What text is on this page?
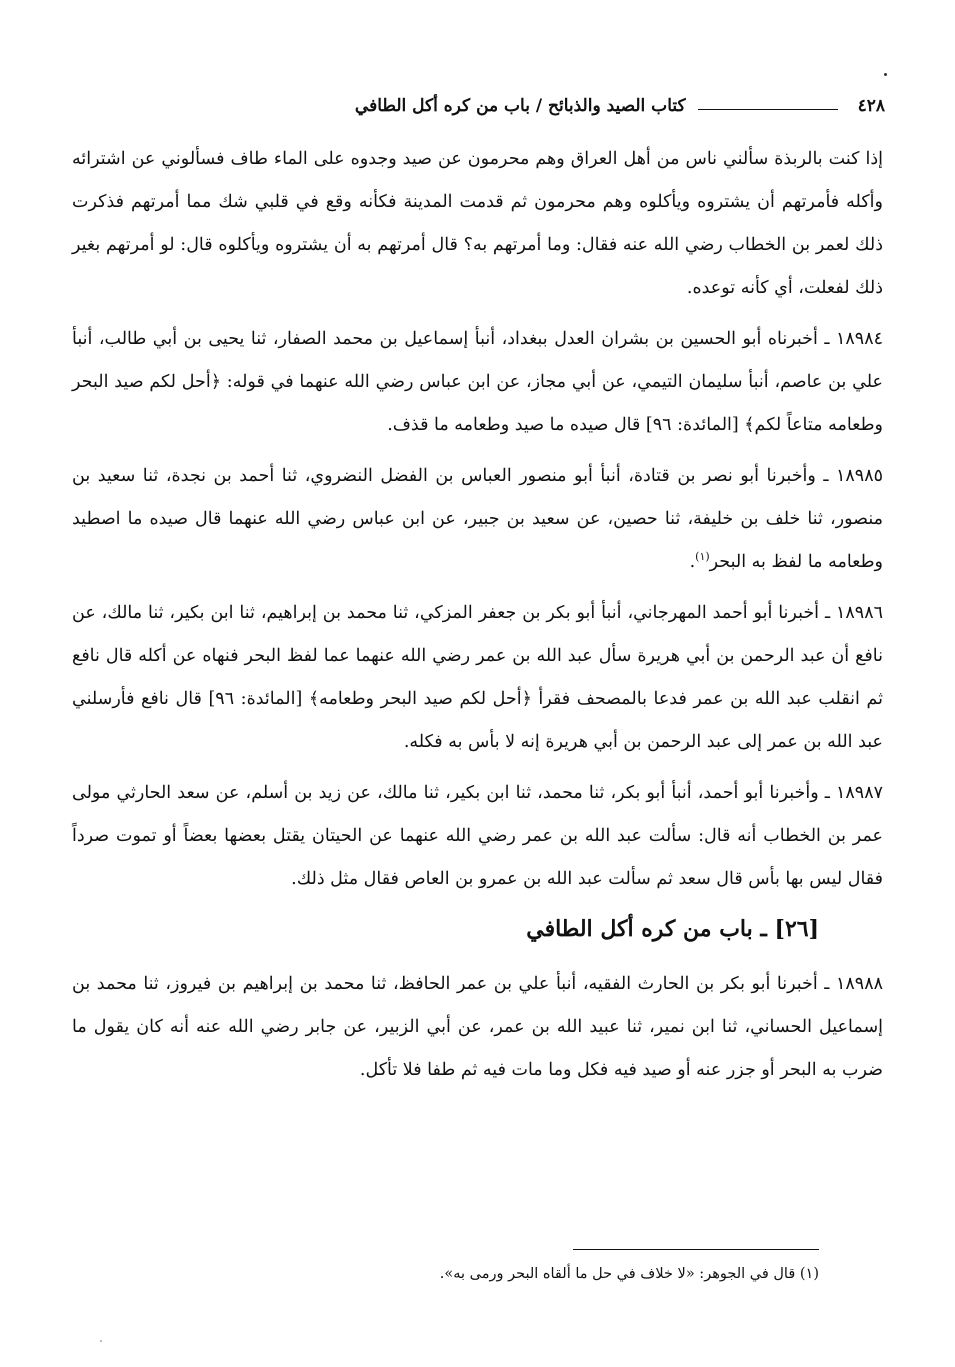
٤٢٨
كتاب الصيد والذبائح / باب من كره أكل الطافي

إذا كنت بالربذة سألني ناس من أهل العراق وهم محرمون عن صيد وجدوه على الماء طاف فسألوني عن اشترائه وأكله فأمرتهم أن يشتروه ويأكلوه وهم محرمون ثم قدمت المدينة فكأنه وقع في قلبي شك مما أمرتهم فذكرت ذلك لعمر بن الخطاب رضي الله عنه فقال: وما أمرتهم به؟ قال أمرتهم به أن يشتروه ويأكلوه قال: لو أمرتهم بغير ذلك لفعلت، أي كأنه توعده.

١٨٩٨٤ ـ أخبرناه أبو الحسين بن بشران العدل ببغداد، أنبأ إسماعيل بن محمد الصفار، ثنا يحيى بن أبي طالب، أنبأ علي بن عاصم، أنبأ سليمان التيمي، عن أبي مجاز، عن ابن عباس رضي الله عنهما في قوله: ﴿أحل لكم صيد البحر وطعامه متاعاً لكم﴾ [المائدة: ٩٦] قال صيده ما صيد وطعامه ما قذف.

١٨٩٨٥ ـ وأخبرنا أبو نصر بن قتادة، أنبأ أبو منصور العباس بن الفضل النضروي، ثنا أحمد بن نجدة، ثنا سعيد بن منصور، ثنا خلف بن خليفة، ثنا حصين، عن سعيد بن جبير، عن ابن عباس رضي الله عنهما قال صيده ما اصطيد وطعامه ما لفظ به البحر$^{(١)}$.

١٨٩٨٦ ـ أخبرنا أبو أحمد المهرجاني، أنبأ أبو بكر بن جعفر المزكي، ثنا محمد بن إبراهيم، ثنا ابن بكير، ثنا مالك، عن نافع أن عبد الرحمن بن أبي هريرة سأل عبد الله بن عمر رضي الله عنهما عما لفظ البحر فنهاه عن أكله قال نافع ثم انقلب عبد الله بن عمر فدعا بالمصحف فقرأ ﴿أحل لكم صيد البحر وطعامه﴾ [المائدة: ٩٦] قال نافع فأرسلني عبد الله بن عمر إلى عبد الرحمن بن أبي هريرة إنه لا بأس به فكله.

١٨٩٨٧ ـ وأخبرنا أبو أحمد، أنبأ أبو بكر، ثنا محمد، ثنا ابن بكير، ثنا مالك، عن زيد بن أسلم، عن سعد الحارثي مولى عمر بن الخطاب أنه قال: سألت عبد الله بن عمر رضي الله عنهما عن الحيتان يقتل بعضها بعضاً أو تموت صرداً فقال ليس بها بأس قال سعد ثم سألت عبد الله بن عمرو بن العاص فقال مثل ذلك.

[٢٦] ـ باب من كره أكل الطافي

١٨٩٨٨ ـ أخبرنا أبو بكر بن الحارث الفقيه، أنبأ علي بن عمر الحافظ، ثنا محمد بن إبراهيم بن فيروز، ثنا محمد بن إسماعيل الحساني، ثنا ابن نمير، ثنا عبيد الله بن عمر، عن أبي الزبير، عن جابر رضي الله عنه أنه كان يقول ما ضرب به البحر أو جزر عنه أو صيد فيه فكل وما مات فيه ثم طفا فلا تأكل.

(١) قال في الجوهر: «لا خلاف في حل ما ألقاه البحر ورمى به».
